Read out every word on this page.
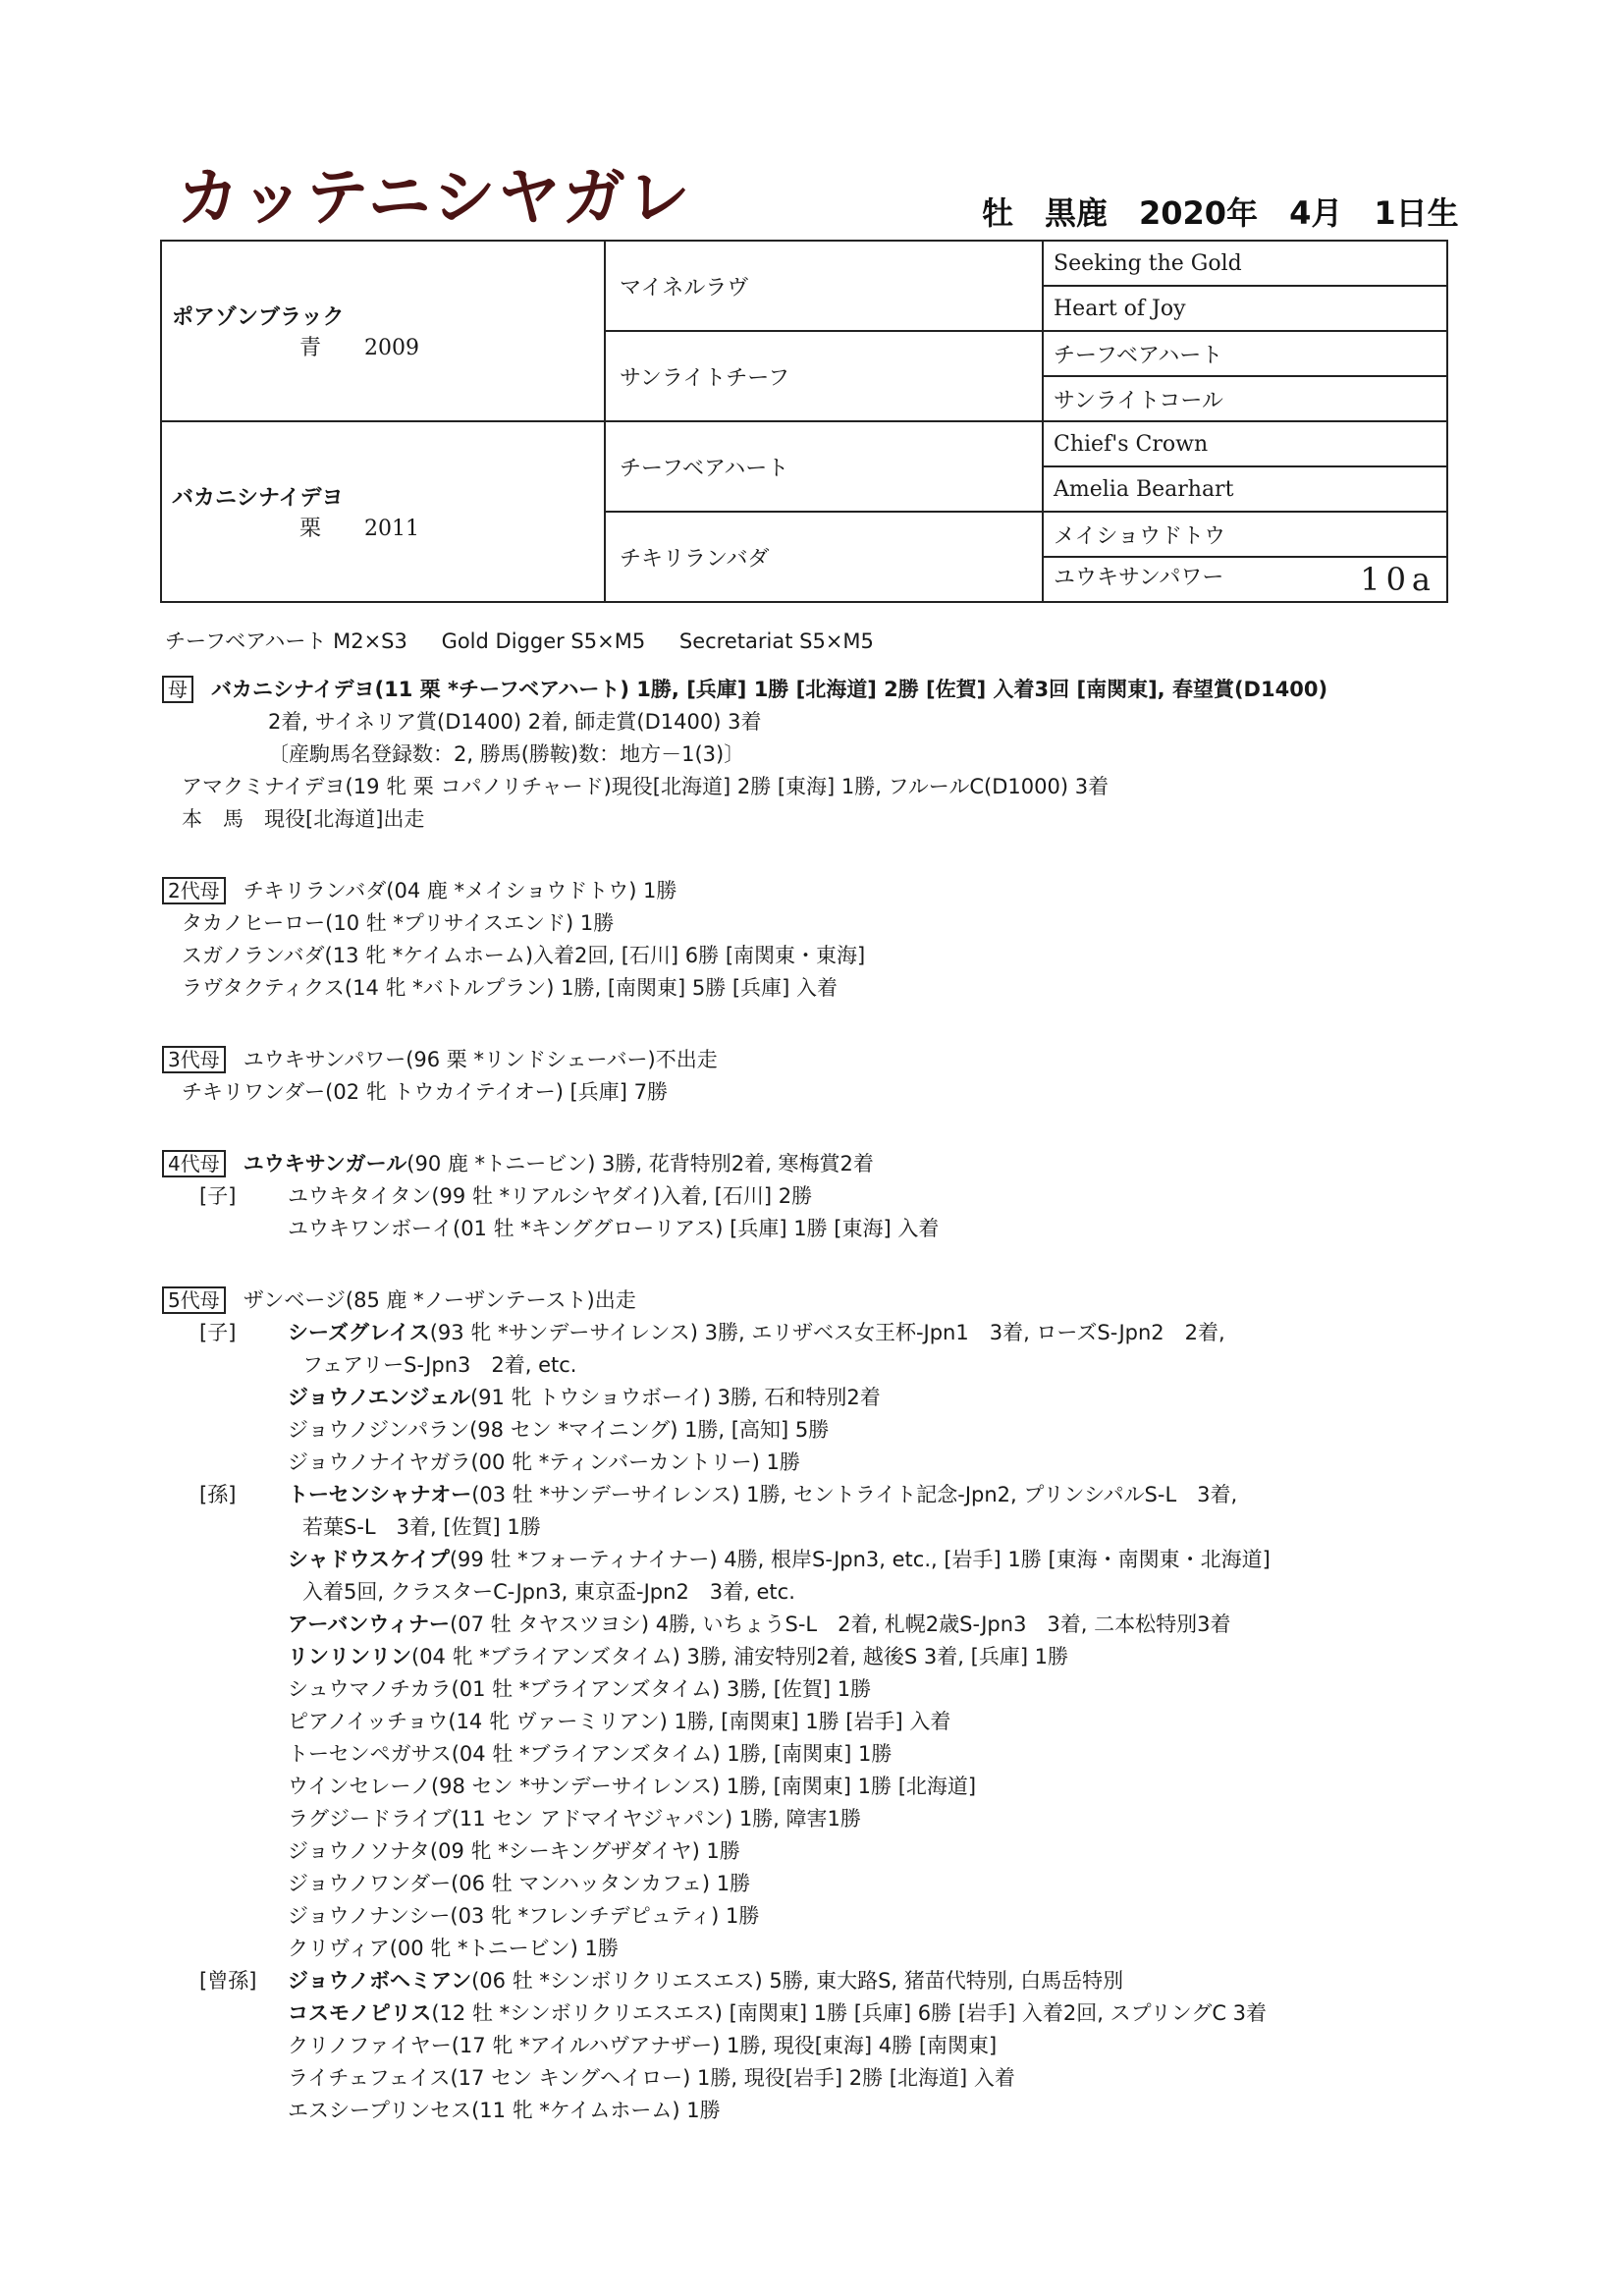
カッテニシヤガレ	牡　黒鹿　2020年　4月　1日生
ポアゾンブラック
青　　2009	マイネルラヴ	Seeking the Gold
		Heart of Joy
	サンライトチーフ	チーフベアハート
		サンライトコール

バカニシナイデヨ
栗　　2011	チーフベアハート	Chief's Crown
		Amelia Bearhart
	チキリランバダ	メイショウドトウ
		ユウキサンパワー 10a
チーフベアハート M2×S3 Gold Digger S5×M5 Secretariat S5×M5
母 バカニシナイデヨ(11 栗 *チーフベアハート) 1勝, [兵庫] 1勝 [北海道] 2勝 [佐賀] 入着3回 [南関東], 春望賞(D1400)
2着, サイネリア賞(D1400) 2着, 師走賞(D1400) 3着
〔産駒馬名登録数：2, 勝馬(勝鞍)数：地方－1(3)〕
アマクミナイデヨ(19 牝 栗 コパノリチャード)現役[北海道] 2勝 [東海] 1勝, フルールC(D1000) 3着
本　馬　現役[北海道]出走
2代母 チキリランバダ(04 鹿 *メイショウドトウ) 1勝
タカノヒーロー(10 牡 *プリサイスエンド) 1勝
スガノランバダ(13 牝 *ケイムホーム)入着2回, [石川] 6勝 [南関東・東海]
ラヴタクティクス(14 牝 *バトルプラン) 1勝, [南関東] 5勝 [兵庫] 入着
3代母 ユウキサンパワー(96 栗 *リンドシェーバー)不出走
チキリワンダー(02 牝 トウカイテイオー) [兵庫] 7勝
4代母 ユウキサンガール(90 鹿 *トニービン) 3勝, 花背特別2着, 寒梅賞2着
[子]	ユウキタイタン(99 牡 *リアルシヤダイ)入着, [石川] 2勝
ユウキワンボーイ(01 牡 *キンググローリアス) [兵庫] 1勝 [東海] 入着
5代母 ザンベージ(85 鹿 *ノーザンテースト)出走
[子]	シーズグレイス(93 牝 *サンデーサイレンス) 3勝, エリザベス女王杯-Jpn1　3着, ローズS-Jpn2　2着,
フェアリーS-Jpn3　2着, etc.
ジョウノエンジェル(91 牝 トウショウボーイ) 3勝, 石和特別2着
ジョウノジンパラン(98 セン *マイニング) 1勝, [高知] 5勝
ジョウノナイヤガラ(00 牝 *ティンバーカントリー) 1勝
[孫]	トーセンシャナオー(03 牡 *サンデーサイレンス) 1勝, セントライト記念-Jpn2, プリンシパルS-L　3着,
若葉S-L　3着, [佐賀] 1勝
シャドウスケイプ(99 牡 *フォーティナイナー) 4勝, 根岸S-Jpn3, etc., [岩手] 1勝 [東海・南関東・北海道]
入着5回, クラスターC-Jpn3, 東京盃-Jpn2　3着, etc.
アーバンウィナー(07 牡 タヤスツヨシ) 4勝, いちょうS-L　2着, 札幌2歳S-Jpn3　3着, 二本松特別3着
リンリンリン(04 牝 *ブライアンズタイム) 3勝, 浦安特別2着, 越後S 3着, [兵庫] 1勝
シュウマノチカラ(01 牡 *ブライアンズタイム) 3勝, [佐賀] 1勝
ピアノイッチョウ(14 牝 ヴァーミリアン) 1勝, [南関東] 1勝 [岩手] 入着
トーセンペガサス(04 牡 *ブライアンズタイム) 1勝, [南関東] 1勝
ウインセレーノ(98 セン *サンデーサイレンス) 1勝, [南関東] 1勝 [北海道]
ラグジードライブ(11 セン アドマイヤジャパン) 1勝, 障害1勝
ジョウノソナタ(09 牝 *シーキングザダイヤ) 1勝
ジョウノワンダー(06 牡 マンハッタンカフェ) 1勝
ジョウノナンシー(03 牝 *フレンチデピュティ) 1勝
クリヴィア(00 牝 *トニービン) 1勝
[曾孫] ジョウノボヘミアン(06 牡 *シンボリクリエスエス) 5勝, 東大路S, 猪苗代特別, 白馬岳特別
コスモノピリス(12 牡 *シンボリクリエスエス) [南関東] 1勝 [兵庫] 6勝 [岩手] 入着2回, スプリングC 3着
クリノファイヤー(17 牝 *アイルハヴアナザー) 1勝, 現役[東海] 4勝 [南関東]
ライチェフェイス(17 セン キングヘイロー) 1勝, 現役[岩手] 2勝 [北海道] 入着
エスシープリンセス(11 牝 *ケイムホーム) 1勝
